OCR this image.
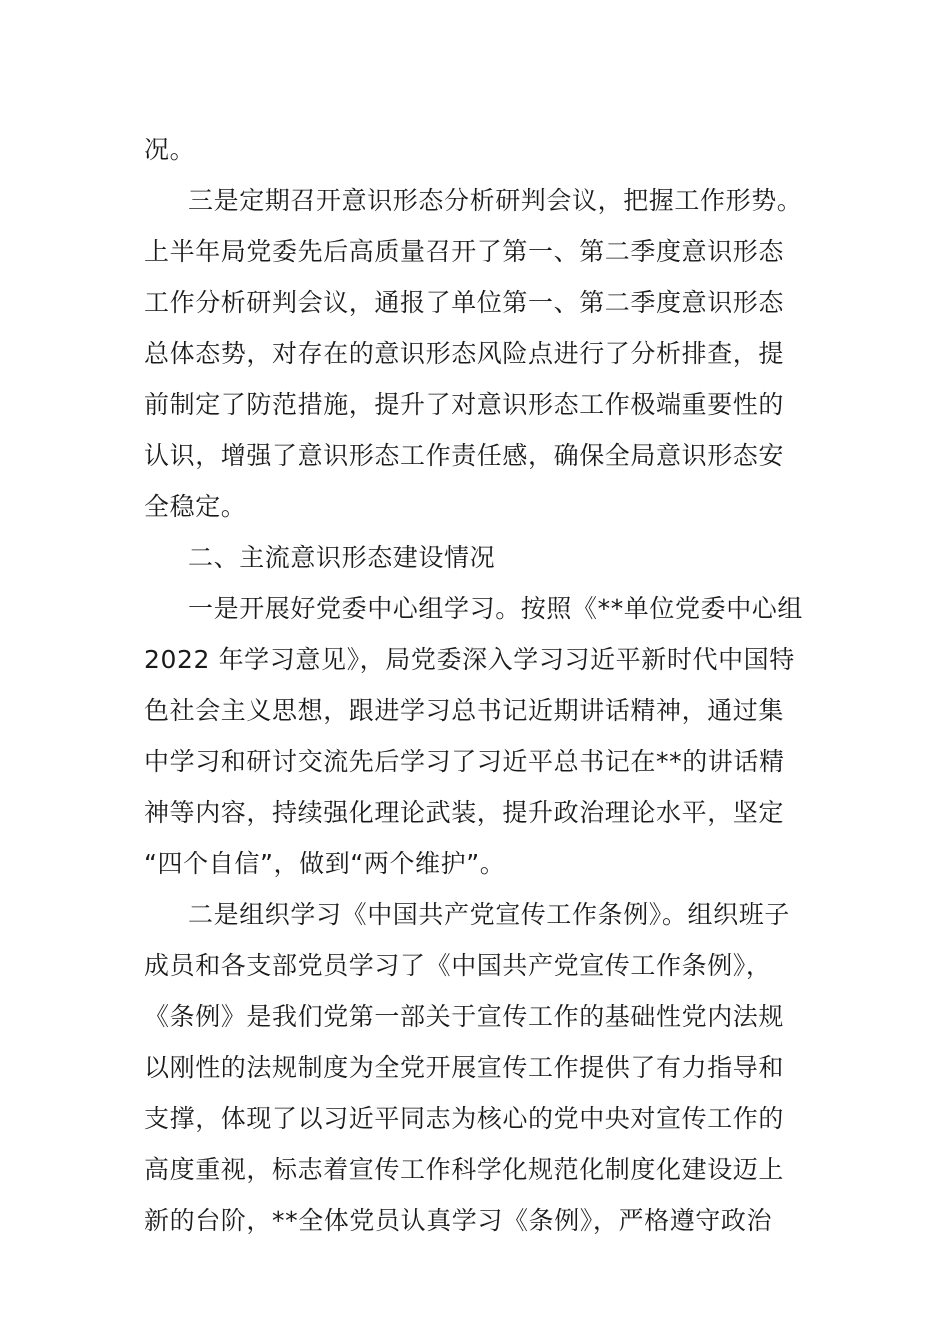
况。
三是定期召开意识形态分析研判会议，把握工作形势。
上半年局党委先后高质量召开了第一、第二季度意识形态
工作分析研判会议，通报了单位第一、第二季度意识形态
总体态势，对存在的意识形态风险点进行了分析排查，提
前制定了防范措施，提升了对意识形态工作极端重要性的
认识，增强了意识形态工作责任感，确保全局意识形态安
全稳定。
二、主流意识形态建设情况
一是开展好党委中心组学习。按照《**单位党委中心组
2022 年学习意见》，局党委深入学习习近平新时代中国特
色社会主义思想，跟进学习总书记近期讲话精神，通过集
中学习和研讨交流先后学习了习近平总书记在**的讲话精
神等内容，持续强化理论武装，提升政治理论水平，坚定
“四个自信”，做到“两个维护”。
二是组织学习《中国共产党宣传工作条例》。组织班子
成员和各支部党员学习了《中国共产党宣传工作条例》，
《条例》是我们党第一部关于宣传工作的基础性党内法规
以刚性的法规制度为全党开展宣传工作提供了有力指导和
支撑，体现了以习近平同志为核心的党中央对宣传工作的
高度重视，标志着宣传工作科学化规范化制度化建设迈上
新的台阶，**全体党员认真学习《条例》，严格遵守政治
